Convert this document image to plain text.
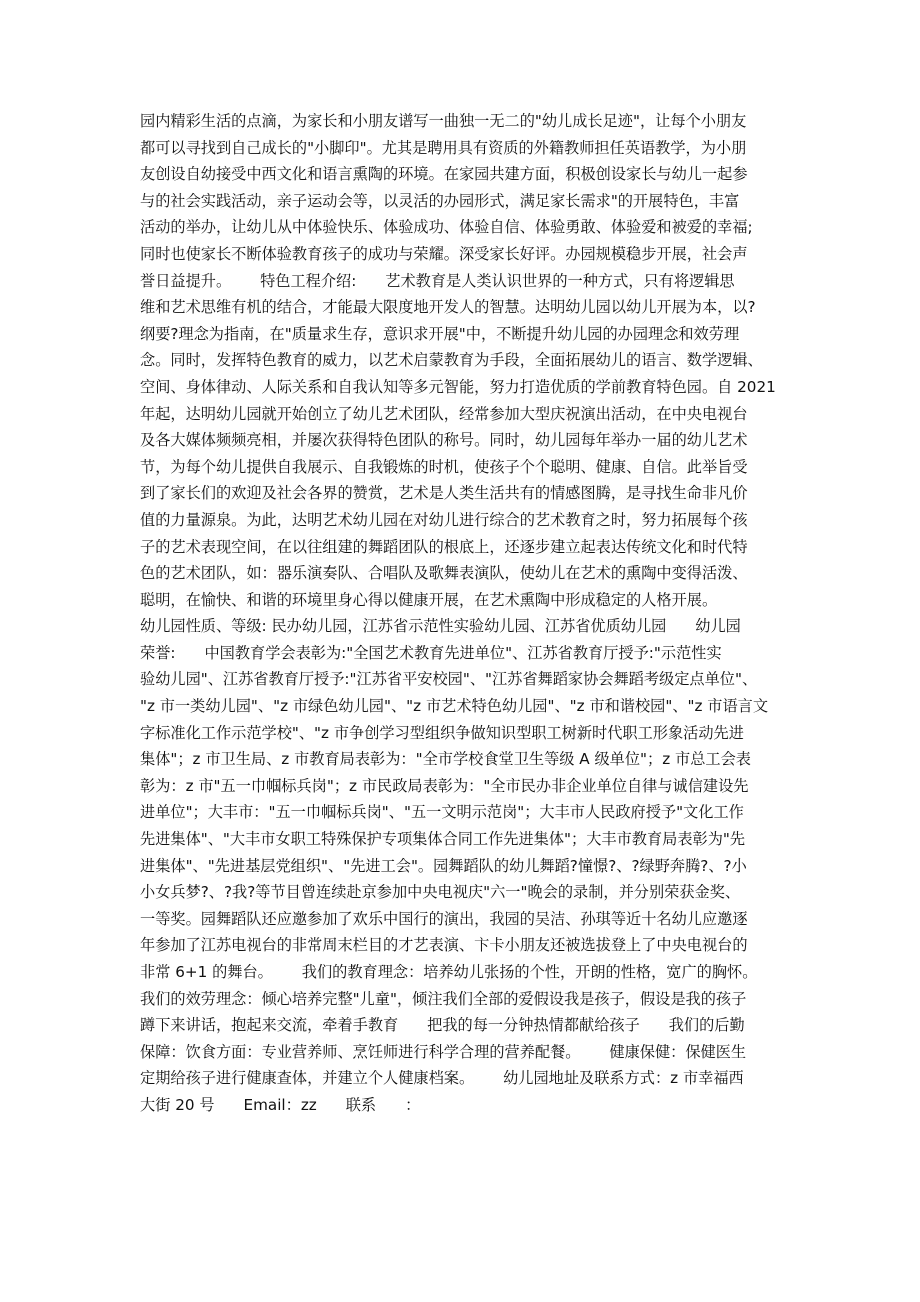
园内精彩生活的点滴，为家长和小朋友谱写一曲独一无二的"幼儿成长足迹"，让每个小朋友
都可以寻找到自己成长的"小脚印"。尤其是聘用具有资质的外籍教师担任英语教学，为小朋
友创设自幼接受中西文化和语言熏陶的环境。在家园共建方面，积极创设家长与幼儿一起参
与的社会实践活动，亲子运动会等，以灵活的办园形式，满足家长需求"的开展特色，丰富
活动的举办，让幼儿从中体验快乐、体验成功、体验自信、体验勇敢、体验爱和被爱的幸福;
同时也使家长不断体验教育孩子的成功与荣耀。深受家长好评。办园规模稳步开展，社会声
誉日益提升。      特色工程介绍:      艺术教育是人类认识世界的一种方式，只有将逻辑思
维和艺术思维有机的结合，才能最大限度地开发人的智慧。达明幼儿园以幼儿开展为本，以?
纲要?理念为指南，在"质量求生存，意识求开展"中，不断提升幼儿园的办园理念和效劳理
念。同时，发挥特色教育的威力，以艺术启蒙教育为手段，全面拓展幼儿的语言、数学逻辑、
空间、身体律动、人际关系和自我认知等多元智能，努力打造优质的学前教育特色园。自 2021
年起，达明幼儿园就开始创立了幼儿艺术团队，经常参加大型庆祝演出活动，在中央电视台
及各大媒体频频亮相，并屡次获得特色团队的称号。同时，幼儿园每年举办一届的幼儿艺术
节，为每个幼儿提供自我展示、自我锻炼的时机，使孩子个个聪明、健康、自信。此举旨受
到了家长们的欢迎及社会各界的赞赏，艺术是人类生活共有的情感图腾，是寻找生命非凡价
值的力量源泉。为此，达明艺术幼儿园在对幼儿进行综合的艺术教育之时，努力拓展每个孩
子的艺术表现空间，在以往组建的舞蹈团队的根底上，还逐步建立起表达传统文化和时代特
色的艺术团队，如：器乐演奏队、合唱队及歌舞表演队，使幼儿在艺术的熏陶中变得活泼、
聪明，在愉快、和谐的环境里身心得以健康开展，在艺术熏陶中形成稳定的人格开展。
幼儿园性质、等级: 民办幼儿园，江苏省示范性实验幼儿园、江苏省优质幼儿园      幼儿园
荣誉:      中国教育学会表彰为:"全国艺术教育先进单位"、江苏省教育厅授予:"示范性实
验幼儿园"、江苏省教育厅授予:"江苏省平安校园"、"江苏省舞蹈家协会舞蹈考级定点单位"、
"z 市一类幼儿园"、"z 市绿色幼儿园"、"z 市艺术特色幼儿园"、"z 市和谐校园"、"z 市语言文
字标准化工作示范学校"、"z 市争创学习型组织争做知识型职工树新时代职工形象活动先进
集体"；z 市卫生局、z 市教育局表彰为："全市学校食堂卫生等级 A 级单位"；z 市总工会表
彰为：z 市"五一巾帼标兵岗"；z 市民政局表彰为："全市民办非企业单位自律与诚信建设先
进单位"；大丰市："五一巾帼标兵岗"、"五一文明示范岗"；大丰市人民政府授予"文化工作
先进集体"、"大丰市女职工特殊保护专项集体合同工作先进集体"；大丰市教育局表彰为"先
进集体"、"先进基层党组织"、"先进工会"。园舞蹈队的幼儿舞蹈?憧憬?、?绿野奔腾?、?小
小女兵梦?、?我?等节目曾连续赴京参加中央电视庆"六一"晚会的录制，并分别荣获金奖、
一等奖。园舞蹈队还应邀参加了欢乐中国行的演出，我园的吴洁、孙琪等近十名幼儿应邀逐
年参加了江苏电视台的非常周末栏目的才艺表演、卞卡小朋友还被选拔登上了中央电视台的
非常 6+1 的舞台。      我们的教育理念：培养幼儿张扬的个性，开朗的性格，宽广的胸怀。
我们的效劳理念：倾心培养完整"儿童"，倾注我们全部的爱假设我是孩子，假设是我的孩子
蹲下来讲话，抱起来交流，牵着手教育      把我的每一分钟热情都献给孩子      我们的后勤
保障：饮食方面：专业营养师、烹饪师进行科学合理的营养配餐。      健康保健：保健医生
定期给孩子进行健康查体，并建立个人健康档案。      幼儿园地址及联系方式：z 市幸福西
大街 20 号      Email：zz      联系      ：
